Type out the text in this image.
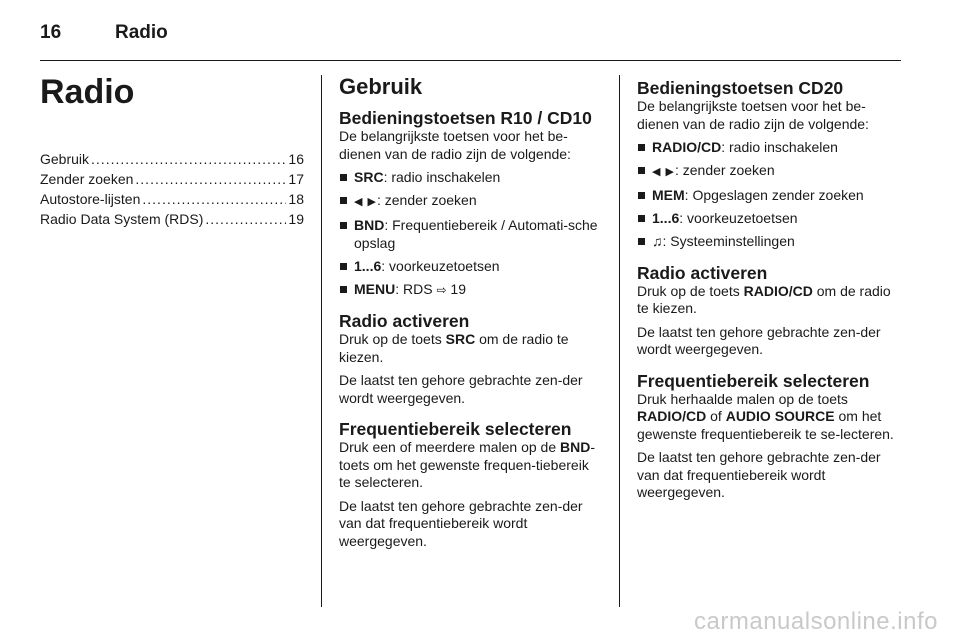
16	Radio
Radio
Gebruik .....	16
Zender zoeken .....	17
Autostore-lijsten .....	18
Radio Data System (RDS) .....	19
Gebruik
Bedieningstoetsen R10 / CD10

De belangrijkste toetsen voor het be-dienen van de radio zijn de volgende:

SRC: radio inschakelen
◀ ▶: zender zoeken
BND: Frequentiebereik / Automati-sche opslag
1...6: voorkeuzetoetsen
MENU: RDS ⇨ 19
Radio activeren

Druk op de toets SRC om de radio te kiezen.

De laatst ten gehore gebrachte zen-der wordt weergegeven.

Frequentiebereik selecteren

Druk een of meerdere malen op de BND-toets om het gewenste frequen-tiebereik te selecteren.

De laatst ten gehore gebrachte zen-der van dat frequentiebereik wordt weergegeven.

Bedieningstoetsen CD20

De belangrijkste toetsen voor het be-dienen van de radio zijn de volgende:

RADIO/CD: radio inschakelen
◀ ▶: zender zoeken
MEM: Opgeslagen zender zoeken
1...6: voorkeuzetoetsen
♫: Systeeminstellingen
Radio activeren

Druk op de toets RADIO/CD om de radio te kiezen.

De laatst ten gehore gebrachte zen-der wordt weergegeven.

Frequentiebereik selecteren

Druk herhaalde malen op de toets RADIO/CD of AUDIO SOURCE om het gewenste frequentiebereik te se-lecteren.

De laatst ten gehore gebrachte zen-der van dat frequentiebereik wordt weergegeven.

carmanualsonline.info
